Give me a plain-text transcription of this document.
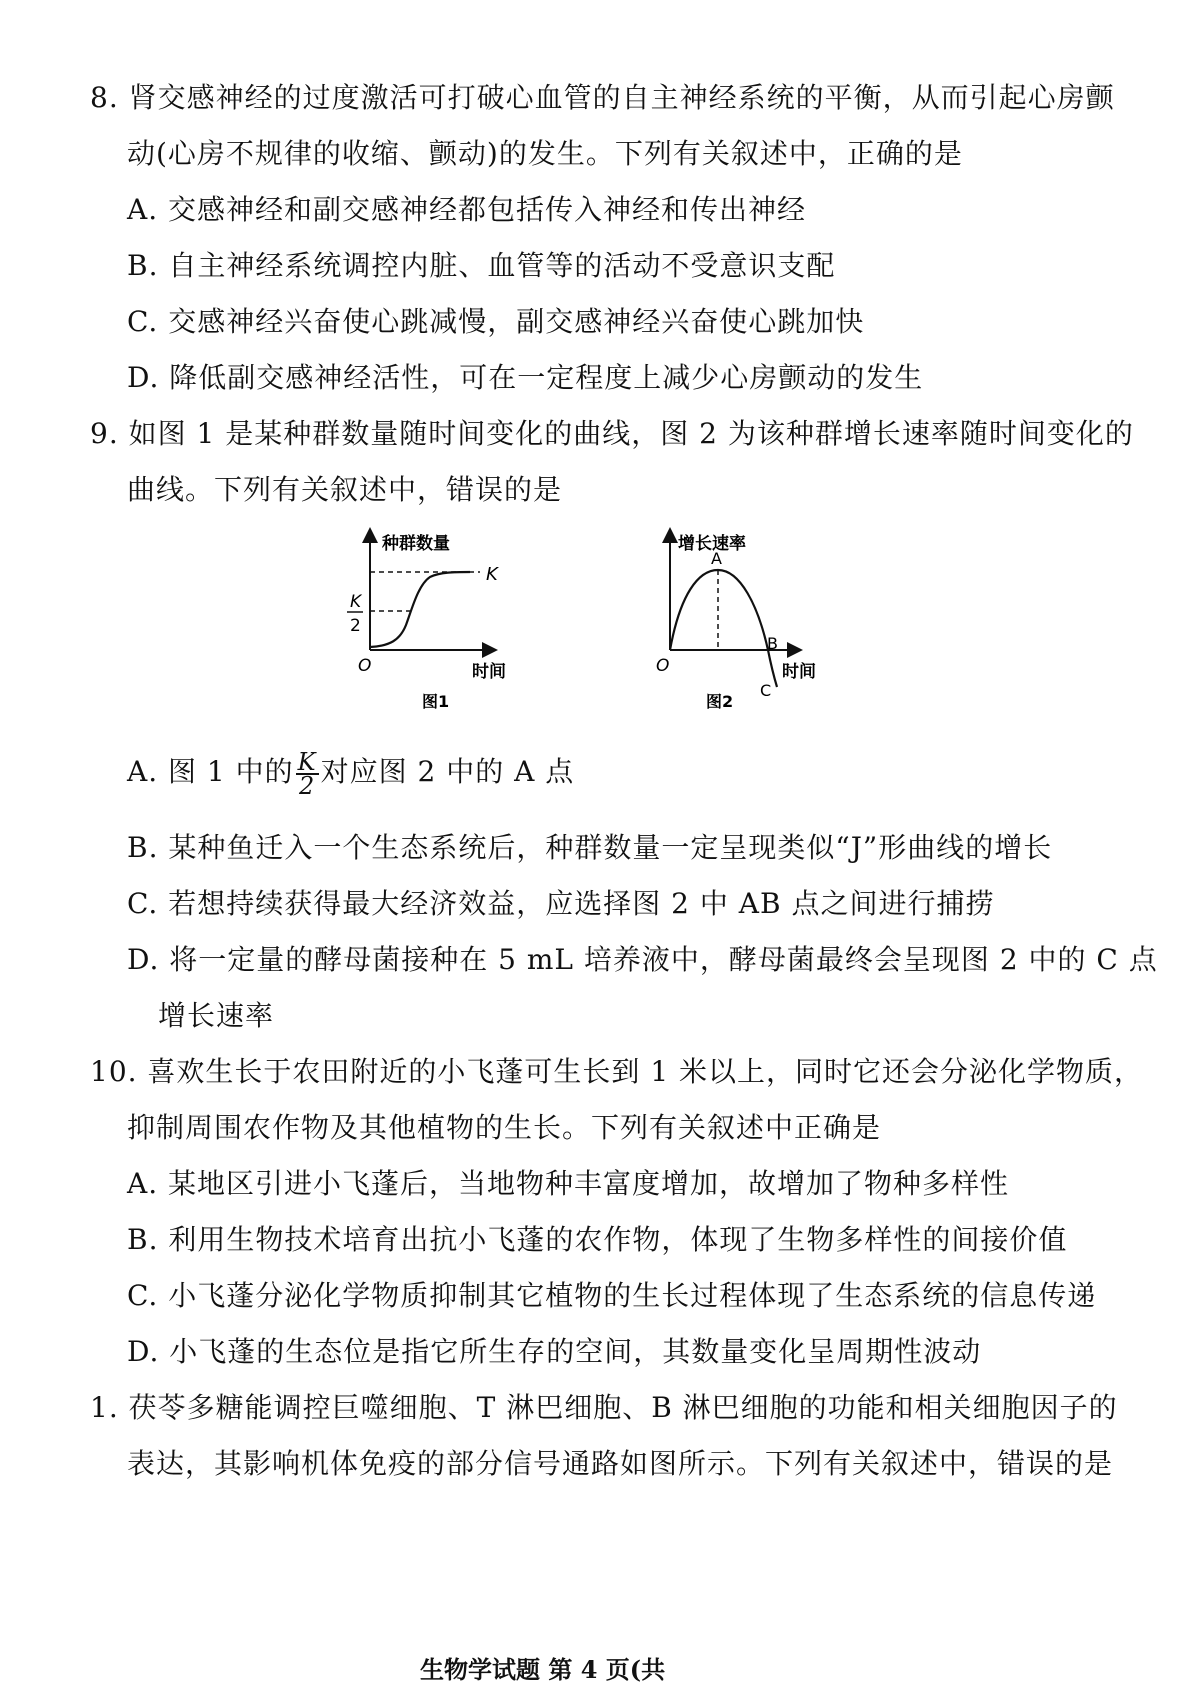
8. 肾交感神经的过度激活可打破心血管的自主神经系统的平衡，从而引起心房颤
动(心房不规律的收缩、颤动)的发生。下列有关叙述中，正确的是
A. 交感神经和副交感神经都包括传入神经和传出神经
B. 自主神经系统调控内脏、血管等的活动不受意识支配
C. 交感神经兴奋使心跳减慢，副交感神经兴奋使心跳加快
D. 降低副交感神经活性，可在一定程度上减少心房颤动的发生
9. 如图 1 是某种群数量随时间变化的曲线，图 2 为该种群增长速率随时间变化的
曲线。下列有关叙述中，错误的是
种群数量
K
K
2
O	时间
图1
增长速率
A
B
C
O	时间
图2
A. 图 1 中的 $\frac{K}{2}$ 对应图 2 中的 A 点
B. 某种鱼迁入一个生态系统后，种群数量一定呈现类似“J”形曲线的增长
C. 若想持续获得最大经济效益，应选择图 2 中 AB 点之间进行捕捞
D. 将一定量的酵母菌接种在 5 mL 培养液中，酵母菌最终会呈现图 2 中的 C 点
增长速率
10. 喜欢生长于农田附近的小飞蓬可生长到 1 米以上，同时它还会分泌化学物质，
抑制周围农作物及其他植物的生长。下列有关叙述中正确是
A. 某地区引进小飞蓬后，当地物种丰富度增加，故增加了物种多样性
B. 利用生物技术培育出抗小飞蓬的农作物，体现了生物多样性的间接价值
C. 小飞蓬分泌化学物质抑制其它植物的生长过程体现了生态系统的信息传递
D. 小飞蓬的生态位是指它所生存的空间，其数量变化呈周期性波动
1. 茯苓多糖能调控巨噬细胞、T 淋巴细胞、B 淋巴细胞的功能和相关细胞因子的
表达，其影响机体免疫的部分信号通路如图所示。下列有关叙述中，错误的是
生物学试题 第 4 页(共
